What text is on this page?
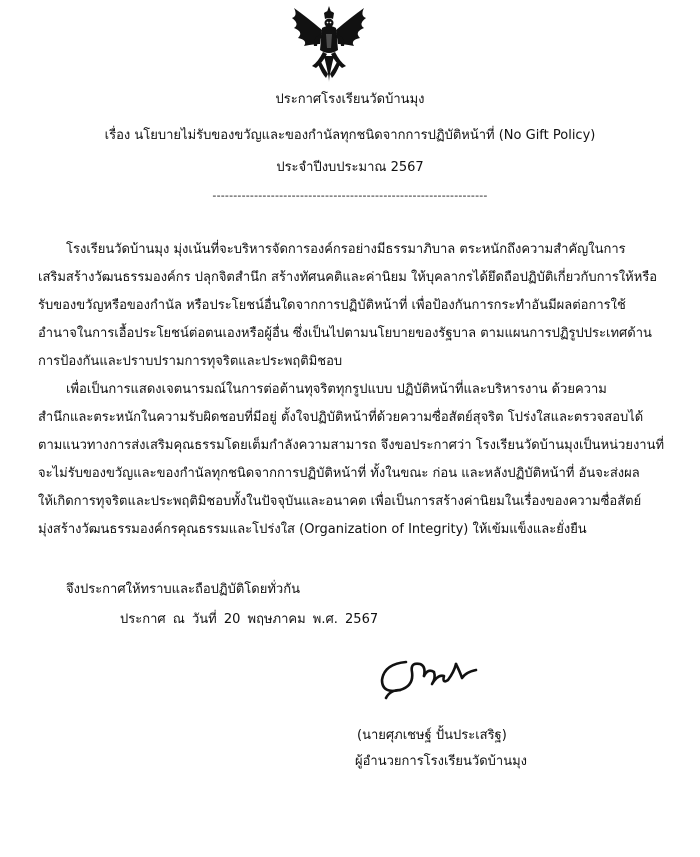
ประกาศโรงเรียนวัดบ้านมุง
เรื่อง นโยบายไม่รับของขวัญและของกำนัลทุกชนิดจากการปฏิบัติหน้าที่ (No Gift Policy)
ประจำปีงบประมาณ 2567
------------------------------------------------------------------
โรงเรียนวัดบ้านมุง มุ่งเน้นที่จะบริหารจัดการองค์กรอย่างมีธรรมาภิบาล ตระหนักถึงความสำคัญในการ
เสริมสร้างวัฒนธรรมองค์กร ปลุกจิตสำนึก สร้างทัศนคติและค่านิยม ให้บุคลากรได้ยึดถือปฏิบัติเกี่ยวกับการให้หรือ
รับของขวัญหรือของกำนัล หรือประโยชน์อื่นใดจากการปฏิบัติหน้าที่ เพื่อป้องกันการกระทำอันมีผลต่อการใช้
อำนาจในการเอื้อประโยชน์ต่อตนเองหรือผู้อื่น ซึ่งเป็นไปตามนโยบายของรัฐบาล ตามแผนการปฏิรูปประเทศด้าน
การป้องกันและปราบปรามการทุจริตและประพฤติมิชอบ
เพื่อเป็นการแสดงเจตนารมณ์ในการต่อต้านทุจริตทุกรูปแบบ ปฏิบัติหน้าที่และบริหารงาน ด้วยความ
สำนึกและตระหนักในความรับผิดชอบที่มีอยู่ ตั้งใจปฏิบัติหน้าที่ด้วยความซื่อสัตย์สุจริต โปร่งใสและตรวจสอบได้
ตามแนวทางการส่งเสริมคุณธรรมโดยเต็มกำลังความสามารถ จึงขอประกาศว่า โรงเรียนวัดบ้านมุงเป็นหน่วยงานที่
จะไม่รับของขวัญและของกำนัลทุกชนิดจากการปฏิบัติหน้าที่ ทั้งในขณะ ก่อน และหลังปฏิบัติหน้าที่ อันจะส่งผล
ให้เกิดการทุจริตและประพฤติมิชอบทั้งในปัจจุบันและอนาคต เพื่อเป็นการสร้างค่านิยมในเรื่องของความซื่อสัตย์
มุ่งสร้างวัฒนธรรมองค์กรคุณธรรมและโปร่งใส (Organization of Integrity) ให้เข้มแข็งและยั่งยืน
จึงประกาศให้ทราบและถือปฏิบัติโดยทั่วกัน
ประกาศ ณ วันที่ 20 พฤษภาคม พ.ศ. 2567
(นายศุภเชษฐ์ ปั้นประเสริฐ)
ผู้อำนวยการโรงเรียนวัดบ้านมุง
